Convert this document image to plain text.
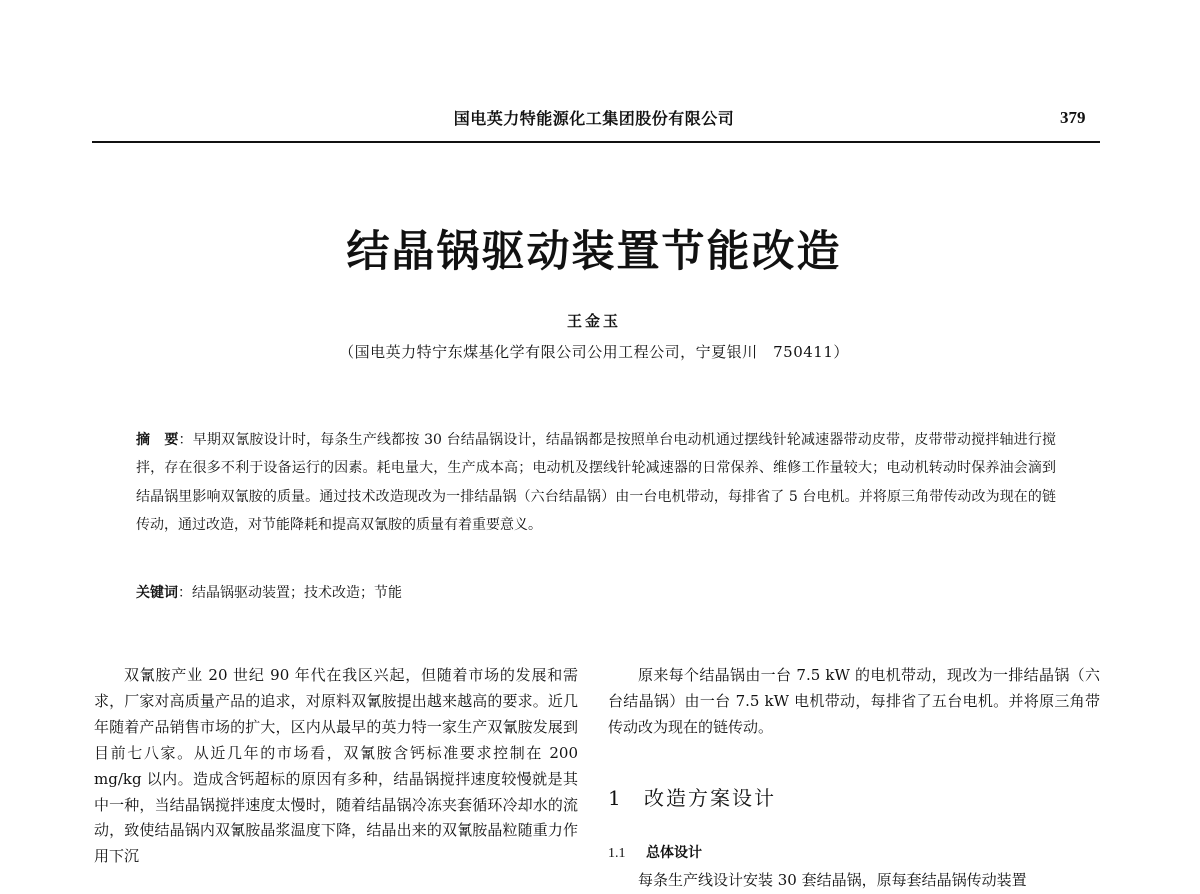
国电英力特能源化工集团股份有限公司	379
结晶锅驱动装置节能改造
王金玉
（国电英力特宁东煤基化学有限公司公用工程公司，宁夏银川　750411）
摘　要：早期双氰胺设计时，每条生产线都按 30 台结晶锅设计，结晶锅都是按照单台电动机通过摆线针轮减速器带动皮带，皮带带动搅拌轴进行搅拌，存在很多不利于设备运行的因素。耗电量大，生产成本高；电动机及摆线针轮减速器的日常保养、维修工作量较大；电动机转动时保养油会滴到结晶锅里影响双氰胺的质量。通过技术改造现改为一排结晶锅（六台结晶锅）由一台电机带动，每排省了 5 台电机。并将原三角带传动改为现在的链传动，通过改造，对节能降耗和提高双氰胺的质量有着重要意义。
关键词：结晶锅驱动装置；技术改造；节能

双氰胺产业 20 世纪 90 年代在我区兴起，但随着市场的发展和需求，厂家对高质量产品的追求，对原料双氰胺提出越来越高的要求。近几年随着产品销售市场的扩大，区内从最早的英力特一家生产双氰胺发展到目前七八家。从近几年的市场看，双氰胺含钙标准要求控制在 200 mg/kg 以内。造成含钙超标的原因有多种，结晶锅搅拌速度较慢就是其中一种，当结晶锅搅拌速度太慢时，随着结晶锅冷冻夹套循环冷却水的流动，致使结晶锅内双氰胺晶浆温度下降，结晶出来的双氰胺晶粒随重力作用下沉

原来每个结晶锅由一台 7.5 kW 的电机带动，现改为一排结晶锅（六台结晶锅）由一台 7.5 kW 电机带动，每排省了五台电机。并将原三角带传动改为现在的链传动。

1 改造方案设计
1.1 总体设计
每条生产线设计安装 30 套结晶锅，原每套结晶锅传动装置
